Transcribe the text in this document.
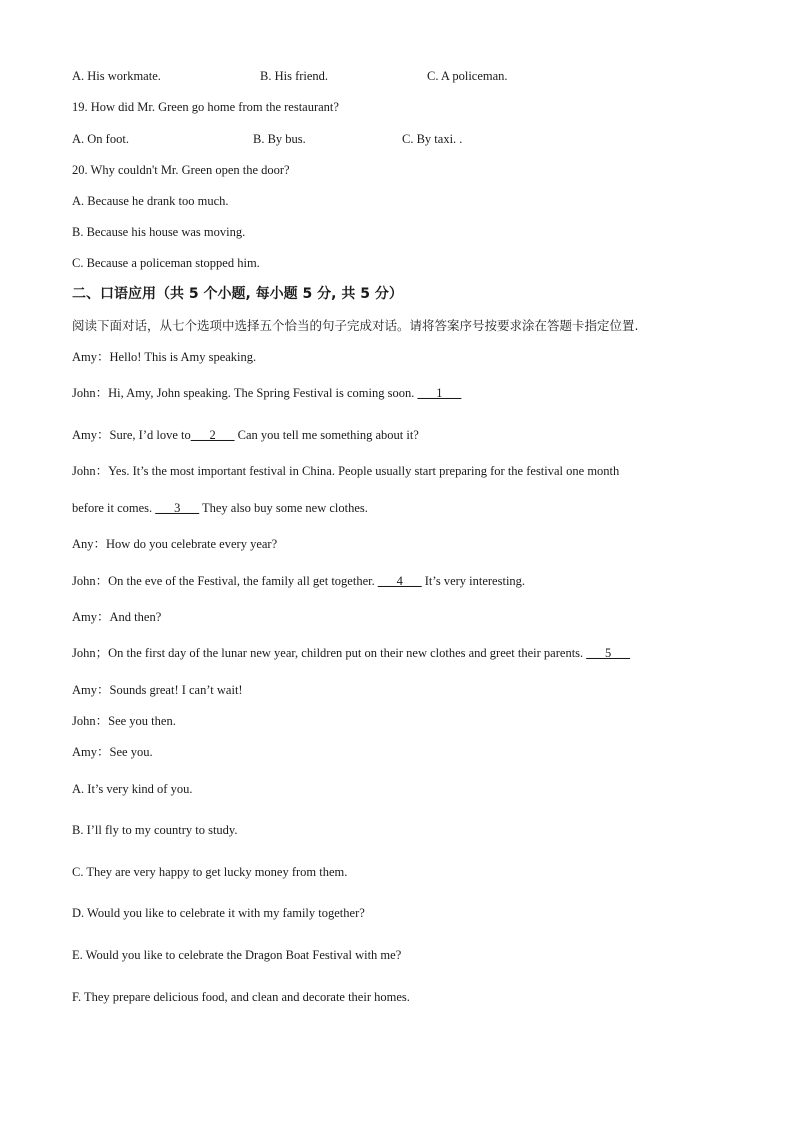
A. His workmate.	B. His friend.	C. A policeman.
19. How did Mr. Green go home from the restaurant?
A. On foot.	B. By bus.	C. By taxi. .
20. Why couldn't Mr. Green open the door?
A. Because he drank too much.
B. Because his house was moving.
C. Because a policeman stopped him.
二、口语应用（共 5 个小题, 每小题 5 分, 共 5 分）
阅读下面对话，从七个选项中选择五个恰当的句子完成对话。请将答案序号按要求涂在答题卡指定位置.
Amy：Hello! This is Amy speaking.
John：Hi, Amy, John speaking. The Spring Festival is coming soon. ___1___
Amy：Sure, I’d love to___2___ Can you tell me something about it?
John：Yes. It’s the most important festival in China. People usually start preparing for the festival one month
before it comes. ___3___ They also buy some new clothes.
Any：How do you celebrate every year?
John：On the eve of the Festival, the family all get together. ___4___ It’s very interesting.
Amy：And then?
John；On the first day of the lunar new year, children put on their new clothes and greet their parents. ___5___
Amy：Sounds great! I can’t wait!
John：See you then.
Amy：See you.
A. It’s very kind of you.
B. I’ll fly to my country to study.
C. They are very happy to get lucky money from them.
D. Would you like to celebrate it with my family together?
E. Would you like to celebrate the Dragon Boat Festival with me?
F. They prepare delicious food, and clean and decorate their homes.
